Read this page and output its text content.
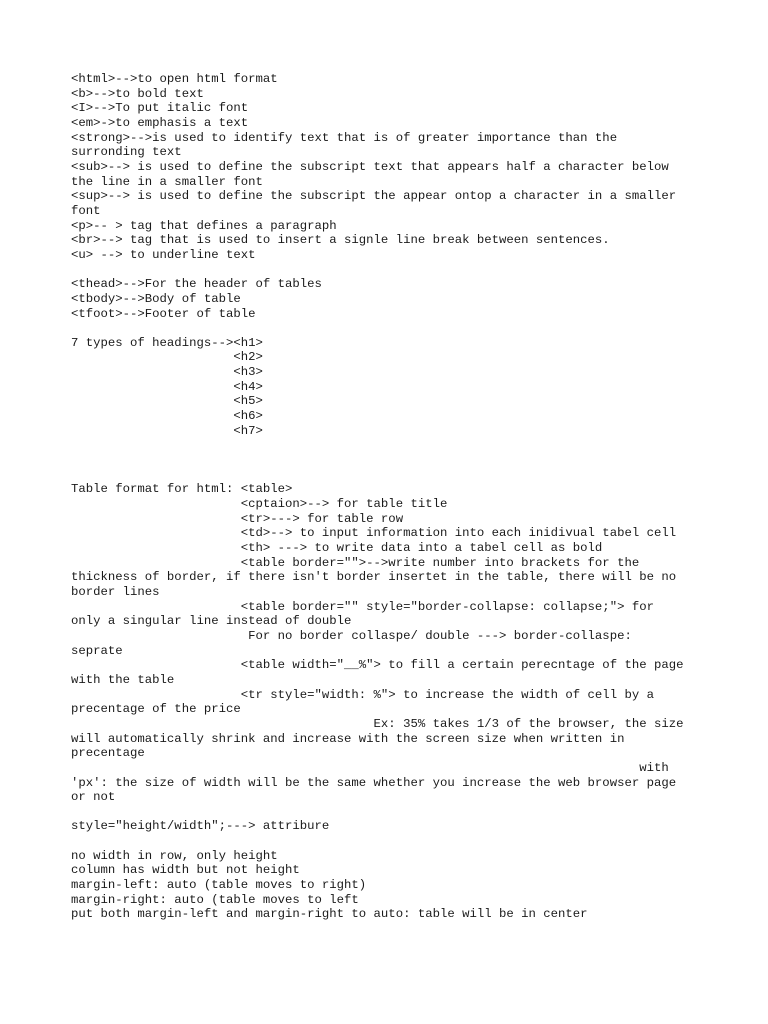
<html>-->to open html format
<b>-->to bold text
<I>-->To put italic font
<em>->to emphasis a text
<strong>-->is used to identify text that is of greater importance than the
surronding text
<sub>--> is used to define the subscript text that appears half a character below
the line in a smaller font
<sup>--> is used to define the subscript the appear ontop a character in a smaller
font
<p>-- > tag that defines a paragraph
<br>--> tag that is used to insert a signle line break between sentences.
<u> --> to underline text

<thead>-->For the header of tables
<tbody>-->Body of table
<tfoot>-->Footer of table

7 types of headings--><h1>
<h2>
<h3>
<h4>
<h5>
<h6>
<h7>

Table format for html: <table>
<cptaion>--> for table title
<tr>---> for table row
<td>--> to input information into each inidivual tabel cell
<th> ---> to write data into a tabel cell as bold
<table border="">-->write number into brackets for the
thickness of border, if there isn't border insertet in the table, there will be no
border lines
<table border="" style="border-collapse: collapse;"> for
only a singular line instead of double
For no border collaspe/ double ---> border-collaspe:
seprate
<table width="__%"> to fill a certain perecntage of the page
with the table
<tr style="width: %"> to increase the width of cell by a
precentage of the price
Ex: 35% takes 1/3 of the browser, the size
will automatically shrink and increase with the screen size when written in
precentage
with
'px': the size of width will be the same whether you increase the web browser page
or not

style="height/width";---> attribure

no width in row, only height
column has width but not height
margin-left: auto (table moves to right)
margin-right: auto (table moves to left
put both margin-left and margin-right to auto: table will be in center
